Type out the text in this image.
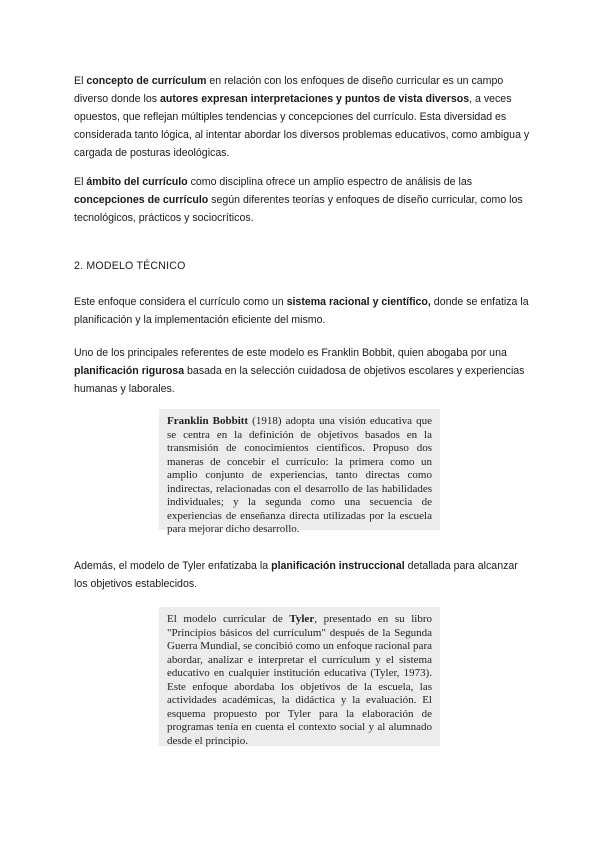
El concepto de currículum en relación con los enfoques de diseño curricular es un campo diverso donde los autores expresan interpretaciones y puntos de vista diversos, a veces opuestos, que reflejan múltiples tendencias y concepciones del currículo. Esta diversidad es considerada tanto lógica, al intentar abordar los diversos problemas educativos, como ambigua y cargada de posturas ideológicas.

El ámbito del currículo como disciplina ofrece un amplio espectro de análisis de las concepciones de currículo según diferentes teorías y enfoques de diseño curricular, como los tecnológicos, prácticos y sociocríticos.

2. MODELO TÉCNICO

Este enfoque considera el currículo como un sistema racional y científico, donde se enfatiza la planificación y la implementación eficiente del mismo.

Uno de los principales referentes de este modelo es Franklin Bobbit, quien abogaba por una planificación rigurosa basada en la selección cuidadosa de objetivos escolares y experiencias humanas y laborales.

Franklin Bobbitt (1918) adopta una visión educativa que se centra en la definición de objetivos basados en la transmisión de conocimientos científicos. Propuso dos maneras de concebir el currículo: la primera como un amplio conjunto de experiencias, tanto directas como indirectas, relacionadas con el desarrollo de las habilidades individuales; y la segunda como una secuencia de experiencias de enseñanza directa utilizadas por la escuela para mejorar dicho desarrollo.

Además, el modelo de Tyler enfatizaba la planificación instruccional detallada para alcanzar los objetivos establecidos.

El modelo curricular de Tyler, presentado en su libro "Principios básicos del currículum" después de la Segunda Guerra Mundial, se concibió como un enfoque racional para abordar, analizar e interpretar el currículum y el sistema educativo en cualquier institución educativa (Tyler, 1973). Este enfoque abordaba los objetivos de la escuela, las actividades académicas, la didáctica y la evaluación. El esquema propuesto por Tyler para la elaboración de programas tenía en cuenta el contexto social y al alumnado desde el principio.
